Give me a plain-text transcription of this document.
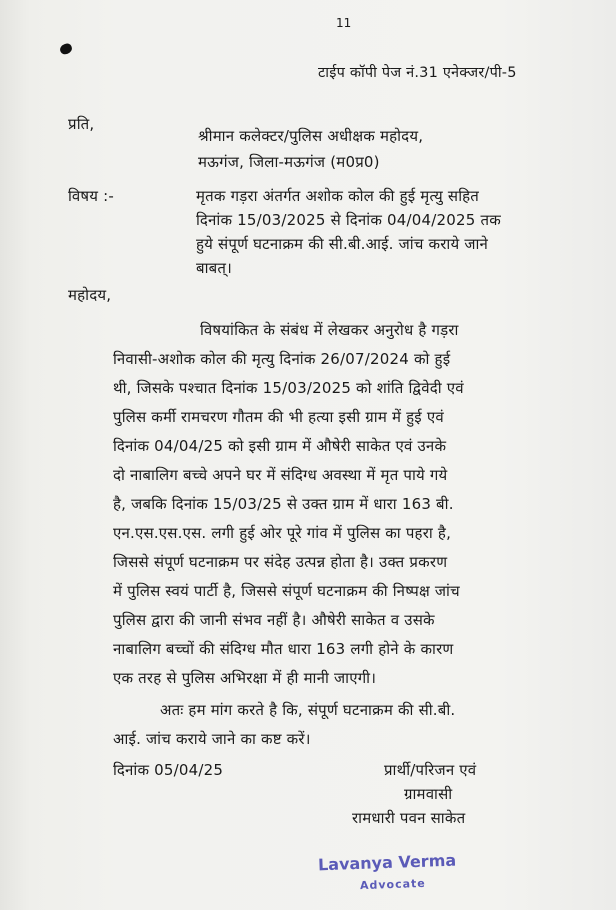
11
टाईप कॉपी पेज नं.31 एनेक्जर/पी-5
प्रति,
श्रीमान कलेक्टर/पुलिस अधीक्षक महोदय,
मऊगंज, जिला-मऊगंज (म0प्र0)
विषय :-	मृतक गड़रा अंतर्गत अशोक कोल की हुई मृत्यु सहित
दिनांक 15/03/2025 से दिनांक 04/04/2025 तक
हुये संपूर्ण घटनाक्रम की सी.बी.आई. जांच कराये जाने
बाबत्।
महोदय,
विषयांकित के संबंध में लेखकर अनुरोध है गड़रा
निवासी-अशोक कोल की मृत्यु दिनांक 26/07/2024 को हुई
थी, जिसके पश्चात दिनांक 15/03/2025 को शांति द्विवेदी एवं
पुलिस कर्मी रामचरण गौतम की भी हत्या इसी ग्राम में हुई एवं
दिनांक 04/04/25 को इसी ग्राम में औषेरी साकेत एवं उनके
दो नाबालिग बच्चे अपने घर में संदिग्ध अवस्था में मृत पाये गये
है, जबकि दिनांक 15/03/25 से उक्त ग्राम में धारा 163 बी.
एन.एस.एस.एस. लगी हुई ओर पूरे गांव में पुलिस का पहरा है,
जिससे संपूर्ण घटनाक्रम पर संदेह उत्पन्न होता है। उक्त प्रकरण
में पुलिस स्वयं पार्टी है, जिससे संपूर्ण घटनाक्रम की निष्पक्ष जांच
पुलिस द्वारा की जानी संभव नहीं है। औषेरी साकेत व उसके
नाबालिग बच्चों की संदिग्ध मौत धारा 163 लगी होने के कारण
एक तरह से पुलिस अभिरक्षा में ही मानी जाएगी।
अतः हम मांग करते है कि, संपूर्ण घटनाक्रम की सी.बी.
आई. जांच कराये जाने का कष्ट करें।
दिनांक 05/04/25	प्रार्थी/परिजन एवं
ग्रामवासी
रामधारी पवन साकेत
Lavanya Verma
Advocate
